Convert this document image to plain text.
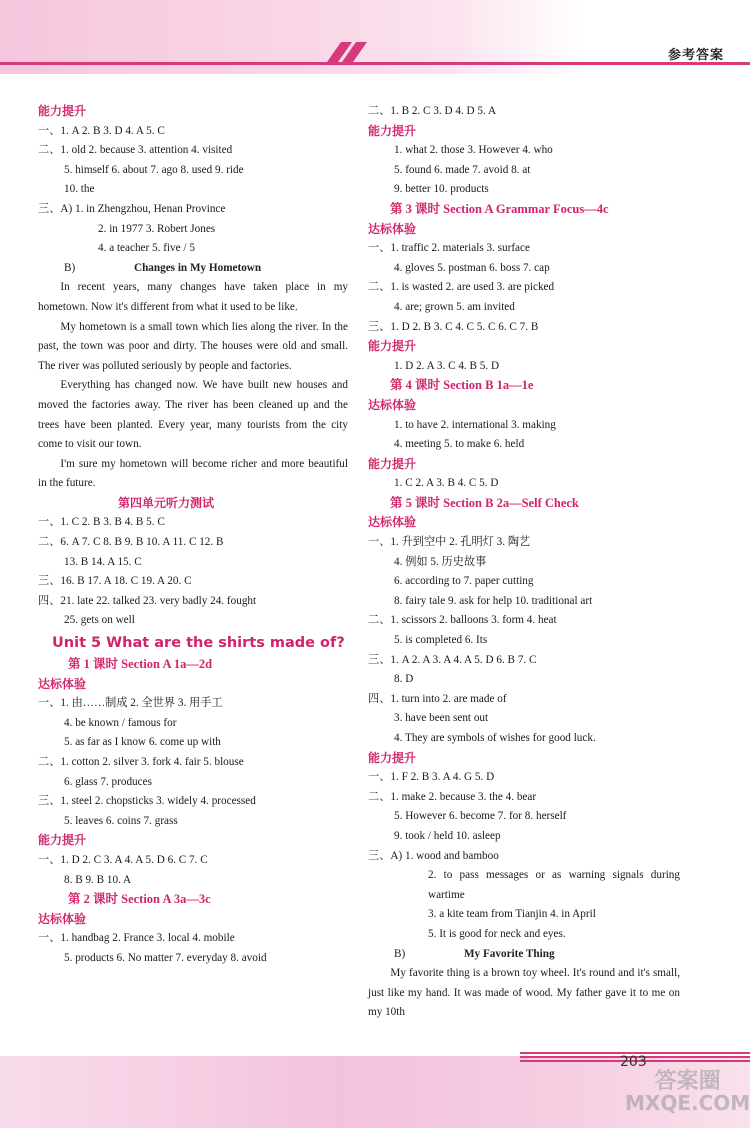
参考答案
能力提升
一、1. A 2. B 3. D 4. A 5. C
二、1. old 2. because 3. attention 4. visited
5. himself 6. about 7. ago 8. used 9. ride
10. the
三、A) 1. in Zhengzhou, Henan Province
2. in 1977 3. Robert Jones
4. a teacher 5. five / 5
B)	Changes in My Hometown
In recent years, many changes have taken place in my hometown. Now it's different from what it used to be like.
My hometown is a small town which lies along the river. In the past, the town was poor and dirty. The houses were old and small. The river was polluted seriously by people and factories.
Everything has changed now. We have built new houses and moved the factories away. The river has been cleaned up and the trees have been planted. Every year, many tourists from the city come to visit our town.
I'm sure my hometown will become richer and more beautiful in the future.
第四单元听力测试
一、1. C 2. B 3. B 4. B 5. C
二、6. A 7. C 8. B 9. B 10. A 11. C 12. B
13. B 14. A 15. C
三、16. B 17. A 18. C 19. A 20. C
四、21. late 22. talked 23. very badly 24. fought
25. gets on well
Unit 5 What are the shirts made of?
第 1 课时 Section A 1a—2d
达标体验
一、1. 由……制成 2. 全世界 3. 用手工
4. be known / famous for
5. as far as I know 6. come up with
二、1. cotton 2. silver 3. fork 4. fair 5. blouse
6. glass 7. produces
三、1. steel 2. chopsticks 3. widely 4. processed
5. leaves 6. coins 7. grass
能力提升
一、1. D 2. C 3. A 4. A 5. D 6. C 7. C
8. B 9. B 10. A
第 2 课时 Section A 3a—3c
达标体验
一、1. handbag 2. France 3. local 4. mobile
5. products 6. No matter 7. everyday 8. avoid
二、1. B 2. C 3. D 4. D 5. A
能力提升
1. what 2. those 3. However 4. who
5. found 6. made 7. avoid 8. at
9. better 10. products
第 3 课时 Section A Grammar Focus—4c
达标体验
一、1. traffic 2. materials 3. surface
4. gloves 5. postman 6. boss 7. cap
二、1. is wasted 2. are used 3. are picked
4. are; grown 5. am invited
三、1. D 2. B 3. C 4. C 5. C 6. C 7. B
能力提升
1. D 2. A 3. C 4. B 5. D
第 4 课时 Section B 1a—1e
达标体验
1. to have 2. international 3. making
4. meeting 5. to make 6. held
能力提升
1. C 2. A 3. B 4. C 5. D
第 5 课时 Section B 2a—Self Check
达标体验
一、1. 升到空中 2. 孔明灯 3. 陶艺
4. 例如 5. 历史故事
6. according to 7. paper cutting
8. fairy tale 9. ask for help 10. traditional art
二、1. scissors 2. balloons 3. form 4. heat
5. is completed 6. Its
三、1. A 2. A 3. A 4. A 5. D 6. B 7. C
8. D
四、1. turn into 2. are made of
3. have been sent out
4. They are symbols of wishes for good luck.
能力提升
一、1. F 2. B 3. A 4. G 5. D
二、1. make 2. because 3. the 4. bear
5. However 6. become 7. for 8. herself
9. took / held 10. asleep
三、A) 1. wood and bamboo
2. to pass messages or as warning signals during wartime
3. a kite team from Tianjin 4. in April
5. It is good for neck and eyes.
B)	My Favorite Thing
My favorite thing is a brown toy wheel. It's round and it's small, just like my hand. It was made of wood. My father gave it to me on my 10th
203
答案圈
MXQE.COM
